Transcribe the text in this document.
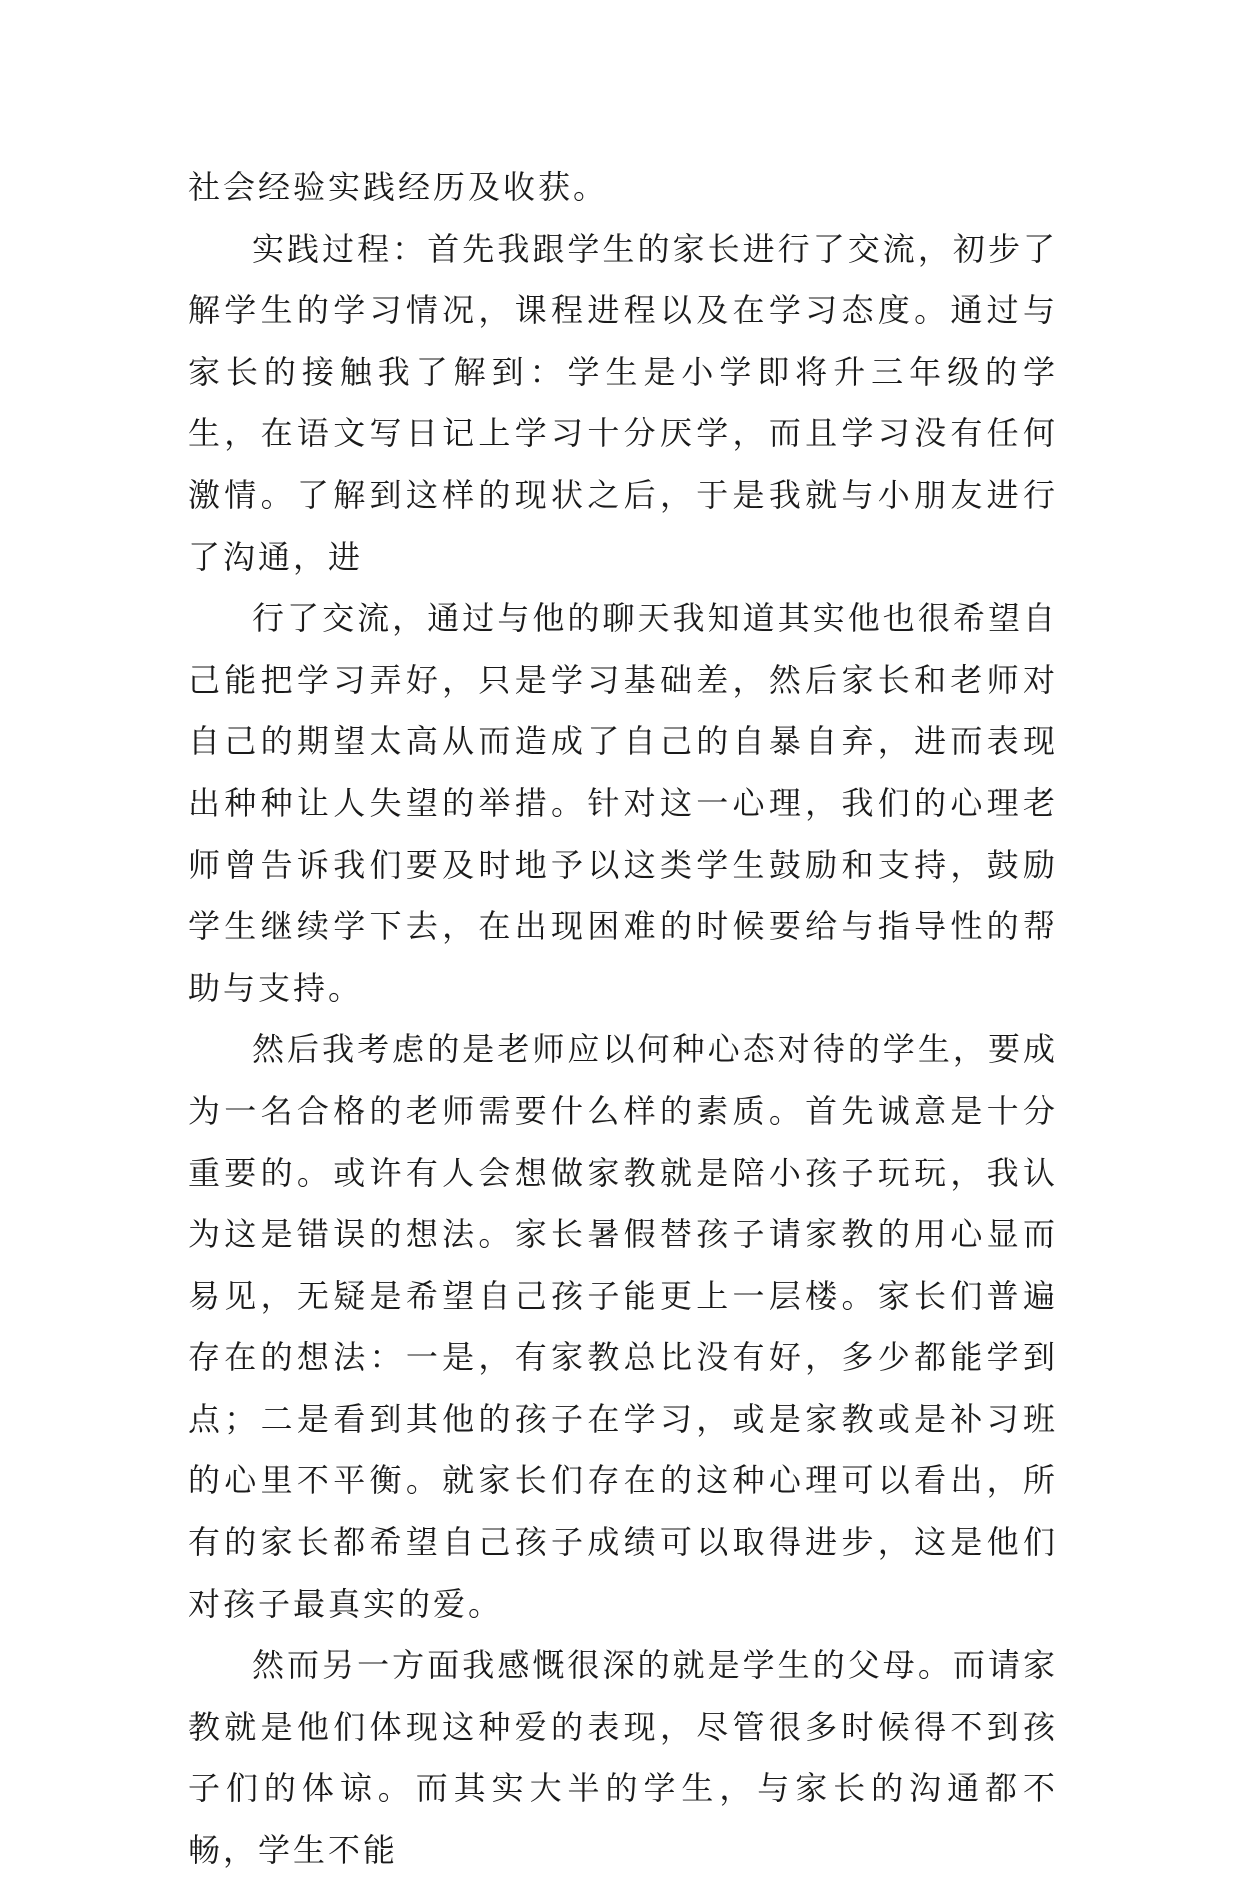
社会经验实践经历及收获。

实践过程：首先我跟学生的家长进行了交流，初步了解学生的学习情况，课程进程以及在学习态度。通过与家长的接触我了解到：学生是小学即将升三年级的学生，在语文写日记上学习十分厌学，而且学习没有任何激情。了解到这样的现状之后，于是我就与小朋友进行了沟通，进

行了交流，通过与他的聊天我知道其实他也很希望自己能把学习弄好，只是学习基础差，然后家长和老师对自己的期望太高从而造成了自己的自暴自弃，进而表现出种种让人失望的举措。针对这一心理，我们的心理老师曾告诉我们要及时地予以这类学生鼓励和支持，鼓励学生继续学下去，在出现困难的时候要给与指导性的帮助与支持。

然后我考虑的是老师应以何种心态对待的学生，要成为一名合格的老师需要什么样的素质。首先诚意是十分重要的。或许有人会想做家教就是陪小孩子玩玩，我认为这是错误的想法。家长暑假替孩子请家教的用心显而易见，无疑是希望自己孩子能更上一层楼。家长们普遍存在的想法：一是，有家教总比没有好，多少都能学到点；二是看到其他的孩子在学习，或是家教或是补习班的心里不平衡。就家长们存在的这种心理可以看出，所有的家长都希望自己孩子成绩可以取得进步，这是他们对孩子最真实的爱。

然而另一方面我感慨很深的就是学生的父母。而请家教就是他们体现这种爱的表现，尽管很多时候得不到孩子们的体谅。而其实大半的学生，与家长的沟通都不畅，学生不能
